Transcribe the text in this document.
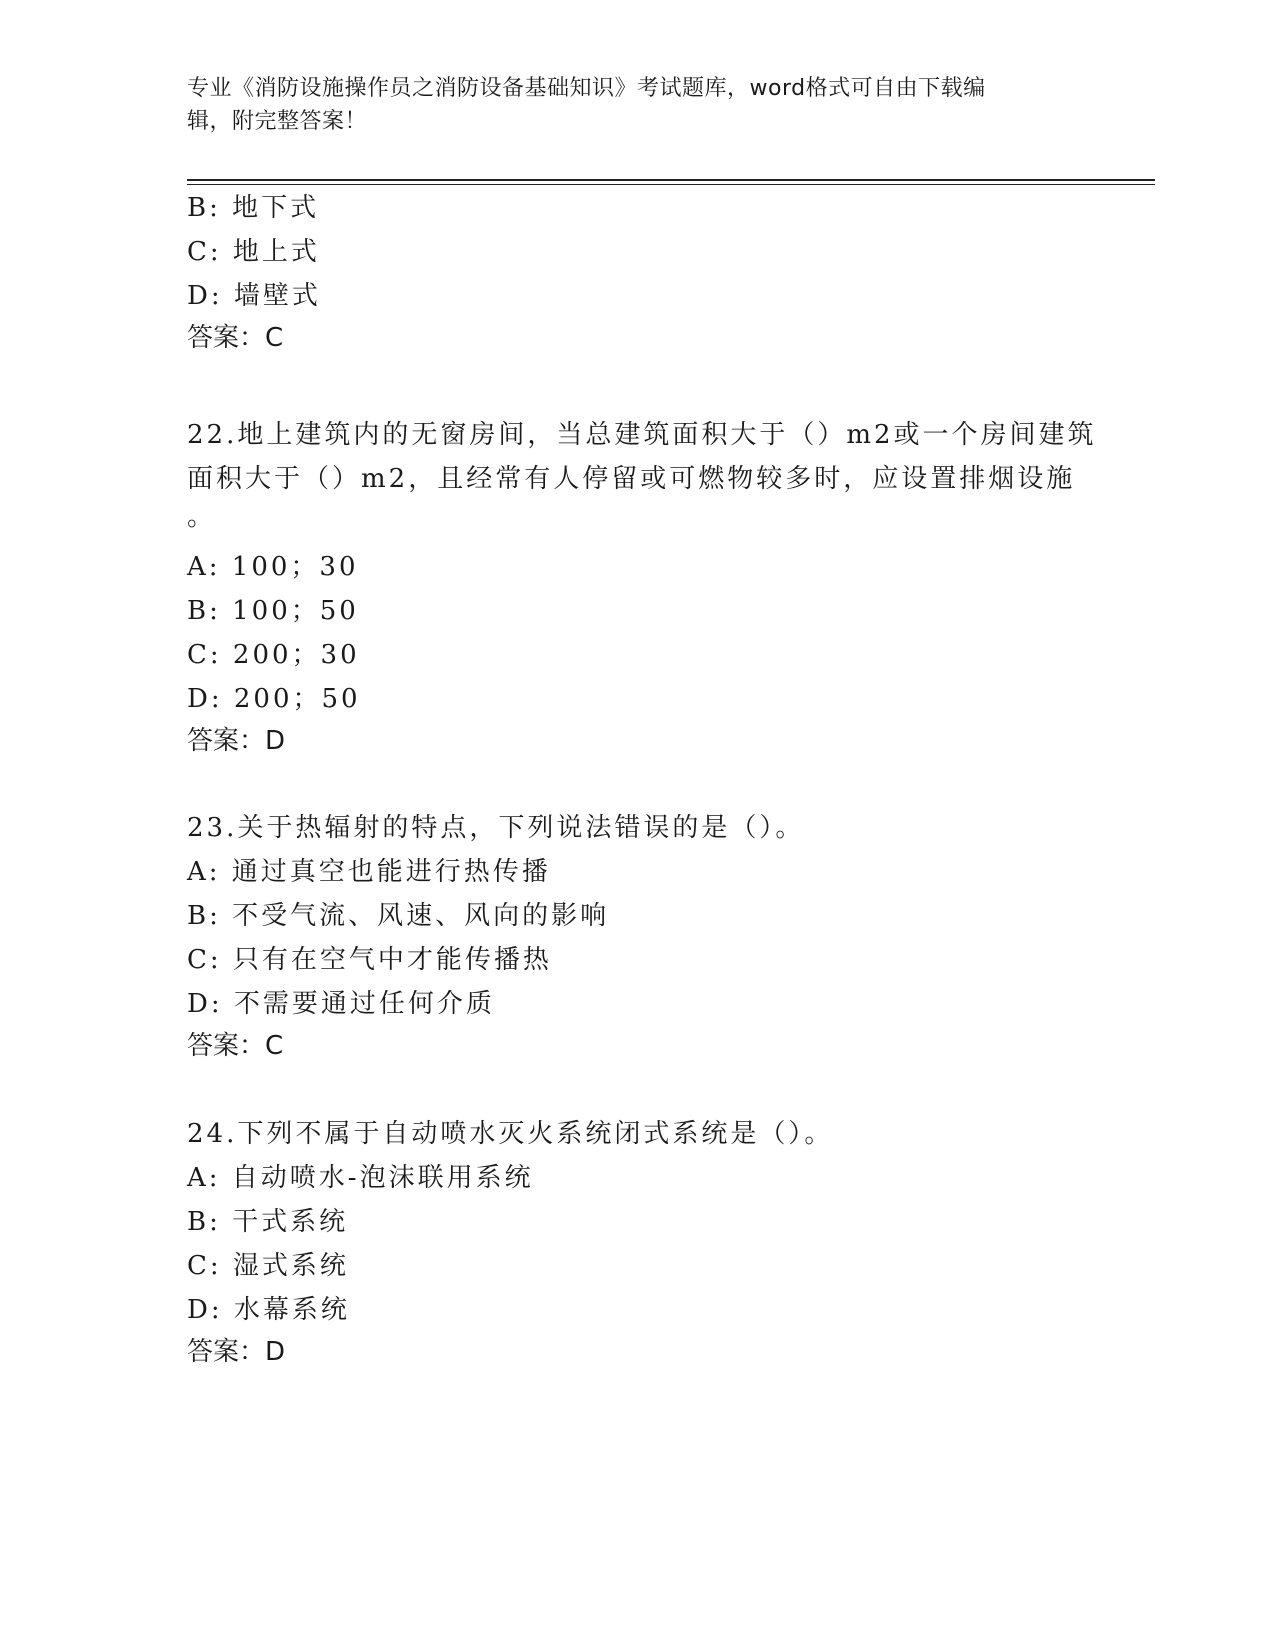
专业《消防设施操作员之消防设备基础知识》考试题库，word格式可自由下载编
辑，附完整答案！
B: 地下式
C: 地上式
D: 墙壁式
答案：C
22.地上建筑内的无窗房间，当总建筑面积大于（）m2或一个房间建筑
面积大于（）m2，且经常有人停留或可燃物较多时，应设置排烟设施
。
A: 100；30
B: 100；50
C: 200；30
D: 200；50
答案：D
23.关于热辐射的特点，下列说法错误的是（）。
A: 通过真空也能进行热传播
B: 不受气流、风速、风向的影响
C: 只有在空气中才能传播热
D: 不需要通过任何介质
答案：C
24.下列不属于自动喷水灭火系统闭式系统是（）。
A: 自动喷水-泡沫联用系统
B: 干式系统
C: 湿式系统
D: 水幕系统
答案：D
